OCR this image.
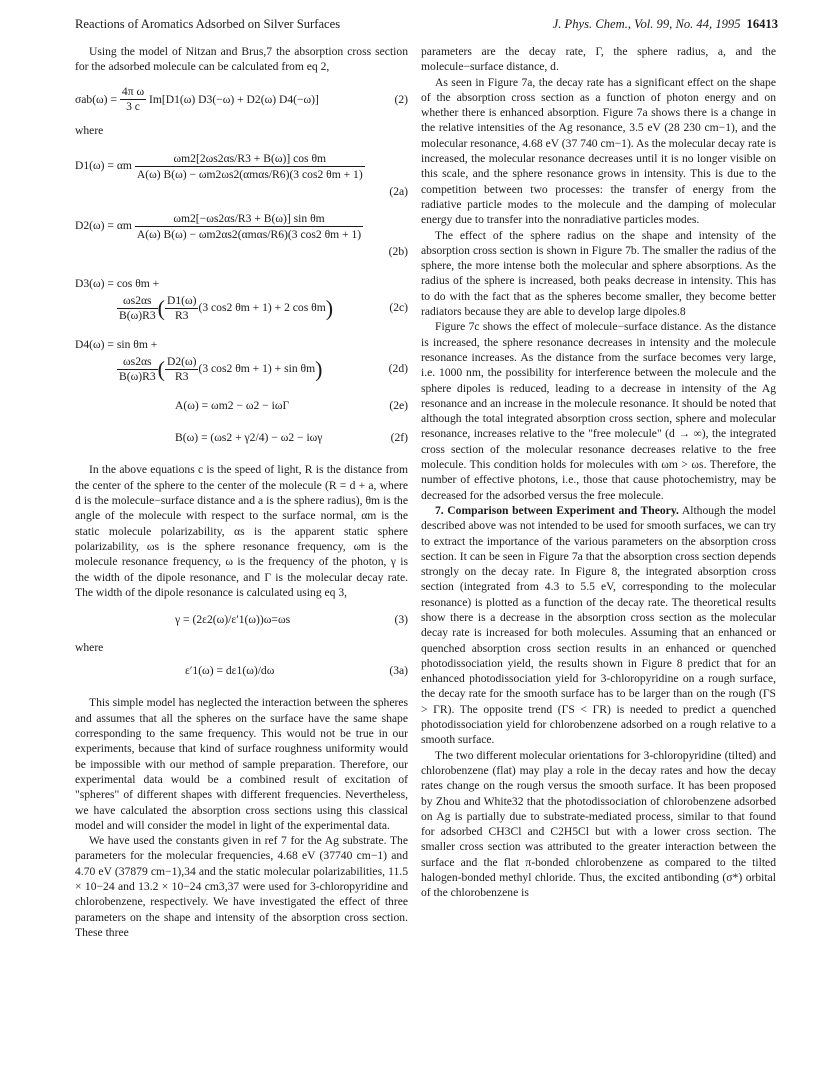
Reactions of Aromatics Adsorbed on Silver Surfaces	J. Phys. Chem., Vol. 99, No. 44, 1995 16413

Using the model of Nitzan and Brus,7 the absorption cross section for the adsorbed molecule can be calculated from eq 2,

$\sigma ab(\omega) = \frac{\text{4π ω}}{3 c} Im[D1(\omega) D3(-\omega) + D2(\omega)$ D4(−ω)]	(2)

where

D1(ω) = αm $\frac{\text{ωm2[2ωs2αs/R3 + B(ω)] cos θm}}{\text{A(ω) B(ω) − ωm2ωs2(αmαs/R6)(3 cos2 θm + 1)}}$
(2a)
D2(ω) = αm $\frac{\text{ωm2[−ωs2αs/R3 + B(ω)] sin θm}}{\text{A(ω) B(ω) − ωm2αs2(αmαs/R6)(3 cos2 θm + 1)}}$
(2b)
D3(ω) = cos θm +
$\frac{\omega s2\alpha s}{B(\omega)R3}$ ( $\frac{D1(\omega)}{R3} (3$ cos2 θm + 1) + 2 cos θm)	(2c)
D4(ω) = sin θm +
$\frac{\omega s2\alpha s}{B(\omega)R3}$ ( $\frac{D2(\omega)}{R3} (3$ cos2 θm + 1) + sin θm)	(2d)
A(ω) = ωm2 − ω2 − iωΓ	(2e)
B(ω) = (ωs2 + γ2/4) − ω2 − iωγ	(2f)

In the above equations c is the speed of light, R is the distance from the center of the sphere to the center of the molecule (R = d + a, where d is the molecule−surface distance and a is the sphere radius), θm is the angle of the molecule with respect to the surface normal, αm is the static molecule polarizability, αs is the apparent static sphere polarizability, ωs is the sphere resonance frequency, ωm is the molecule resonance frequency, ω is the frequency of the photon, γ is the width of the dipole resonance, and Γ is the molecular decay rate. The width of the dipole resonance is calculated using eq 3,

γ = (2ε2(ω)/ε′1(ω))ω=ωs	(3)

where

ε′1(ω) = dε1(ω)/dω	(3a)

This simple model has neglected the interaction between the spheres and assumes that all the spheres on the surface have the same shape corresponding to the same frequency. This would not be true in our experiments, because that kind of surface roughness uniformity would be impossible with our method of sample preparation. Therefore, our experimental data would be a combined result of excitation of "spheres" of different shapes with different frequencies. Nevertheless, we have calculated the absorption cross sections using this classical model and will consider the model in light of the experimental data.

We have used the constants given in ref 7 for the Ag substrate. The parameters for the molecular frequencies, 4.68 eV (37740 cm−1) and 4.70 eV (37879 cm−1),34 and the static molecular polarizabilities, 11.5 × 10−24 and 13.2 × 10−24 cm3,37 were used for 3-chloropyridine and chlorobenzene, respectively. We have investigated the effect of three parameters on the shape and intensity of the absorption cross section. These three

parameters are the decay rate, Γ, the sphere radius, a, and the molecule−surface distance, d.

As seen in Figure 7a, the decay rate has a significant effect on the shape of the absorption cross section as a function of photon energy and on whether there is enhanced absorption. Figure 7a shows there is a change in the relative intensities of the Ag resonance, 3.5 eV (28 230 cm−1), and the molecular resonance, 4.68 eV (37 740 cm−1). As the molecular decay rate is increased, the molecular resonance decreases until it is no longer visible on this scale, and the sphere resonance grows in intensity. This is due to the competition between two processes: the transfer of energy from the radiative particle modes to the molecule and the damping of molecular energy due to transfer into the nonradiative particles modes.

The effect of the sphere radius on the shape and intensity of the absorption cross section is shown in Figure 7b. The smaller the radius of the sphere, the more intense both the molecular and sphere absorptions. As the radius of the sphere is increased, both peaks decrease in intensity. This has to do with the fact that as the spheres become smaller, they become better radiators because they are able to develop large dipoles.8

Figure 7c shows the effect of molecule−surface distance. As the distance is increased, the sphere resonance decreases in intensity and the molecule resonance increases. As the distance from the surface becomes very large, i.e. 1000 nm, the possibility for interference between the molecule and the sphere dipoles is reduced, leading to a decrease in intensity of the Ag resonance and an increase in the molecule resonance. It should be noted that although the total integrated absorption cross section, sphere and molecular resonance, increases relative to the "free molecule" (d → ∞), the integrated cross section of the molecular resonance decreases relative to the free molecule. This condition holds for molecules with ωm > ωs. Therefore, the number of effective photons, i.e., those that cause photochemistry, may be decreased for the adsorbed versus the free molecule.

7. Comparison between Experiment and Theory. Although the model described above was not intended to be used for smooth surfaces, we can try to extract the importance of the various parameters on the absorption cross section. It can be seen in Figure 7a that the absorption cross section depends strongly on the decay rate. In Figure 8, the integrated absorption cross section (integrated from 4.3 to 5.5 eV, corresponding to the molecular resonance) is plotted as a function of the decay rate. The theoretical results show there is a decrease in the absorption cross section as the molecular decay rate is increased for both molecules. Assuming that an enhanced or quenched absorption cross section results in an enhanced or quenched photodissociation yield, the results shown in Figure 8 predict that for an enhanced photodissociation yield for 3-chloropyridine on a rough surface, the decay rate for the smooth surface has to be larger than on the rough (ΓS > ΓR). The opposite trend (ΓS < ΓR) is needed to predict a quenched photodissociation yield for chlorobenzene adsorbed on a rough relative to a smooth surface.

The two different molecular orientations for 3-chloropyridine (tilted) and chlorobenzene (flat) may play a role in the decay rates and how the decay rates change on the rough versus the smooth surface. It has been proposed by Zhou and White32 that the photodissociation of chlorobenzene adsorbed on Ag is partially due to substrate-mediated process, similar to that found for adsorbed CH3Cl and C2H5Cl but with a lower cross section. The smaller cross section was attributed to the greater interaction between the surface and the flat π-bonded chlorobenzene as compared to the tilted halogen-bonded methyl chloride. Thus, the excited antibonding (σ*) orbital of the chlorobenzene is
